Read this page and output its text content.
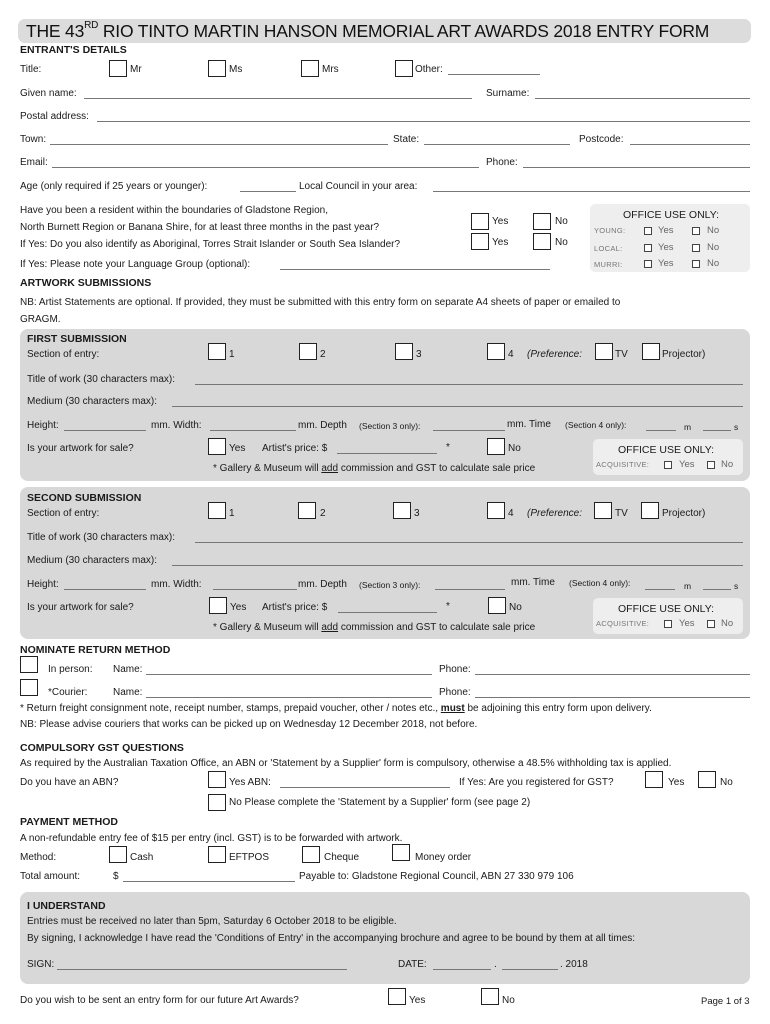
THE 43RD RIO TINTO MARTIN HANSON MEMORIAL ART AWARDS 2018 ENTRY FORM
ENTRANT'S DETAILS
Title:	Mr	Ms	Mrs	Other:
Given name:	Surname:
Postal address:
Town:	State:	Postcode:
Email:	Phone:
Age (only required if 25 years or younger):	Local Council in your area:
Have you been a resident within the boundaries of Gladstone Region,
North Burnett Region or Banana Shire, for at least three months in the past year?
Yes	No
If Yes: Do you also identify as Aboriginal, Torres Strait Islander or South Sea Islander?	Yes	No
If Yes: Please note your Language Group (optional):
OFFICE USE ONLY:
YOUNG:	Yes	No
LOCAL:	Yes	No
MURRI:	Yes	No
ARTWORK SUBMISSIONS
NB: Artist Statements are optional. If provided, they must be submitted with this entry form on separate A4 sheets of paper or emailed to
GRAGM.
FIRST SUBMISSION
Section of entry:	1	2	3	4 (Preference:	TV	Projector)
Title of work (30 characters max):
Medium (30 characters max):
Height:	mm. Width:	mm. Depth (Section 3 only):	mm. Time (Section 4 only):	m	s
Is your artwork for sale?	Yes Artist's price: $	*	No
* Gallery & Museum will add commission and GST to calculate sale price
OFFICE USE ONLY:
ACQUISITIVE:	Yes	No
SECOND SUBMISSION
Section of entry:	1	2	3	4 (Preference:	TV	Projector)
Title of work (30 characters max):
Medium (30 characters max):
Height:	mm. Width:	mm. Depth (Section 3 only):	mm. Time (Section 4 only):	m	s
Is your artwork for sale?	Yes Artist's price: $	*	No
* Gallery & Museum will add commission and GST to calculate sale price
OFFICE USE ONLY:
ACQUISITIVE:	Yes	No
NOMINATE RETURN METHOD
In person: Name:	Phone:
*Courier:	Name:	Phone:
* Return freight consignment note, receipt number, stamps, prepaid voucher, other / notes etc., must be adjoining this entry form upon delivery.
NB: Please advise couriers that works can be picked up on Wednesday 12 December 2018, not before.
COMPULSORY GST QUESTIONS
As required by the Australian Taxation Office, an ABN or 'Statement by a Supplier' form is compulsory, otherwise a 48.5% withholding tax is applied.
Do you have an ABN?	Yes ABN:	If Yes: Are you registered for GST?	Yes	No
No Please complete the 'Statement by a Supplier' form (see page 2)
PAYMENT METHOD
A non-refundable entry fee of $15 per entry (incl. GST) is to be forwarded with artwork.
Method:	Cash	EFTPOS	Cheque	Money order
Total amount:	$	Payable to: Gladstone Regional Council, ABN 27 330 979 106
I UNDERSTAND
Entries must be received no later than 5pm, Saturday 6 October 2018 to be eligible.
By signing, I acknowledge I have read the 'Conditions of Entry' in the accompanying brochure and agree to be bound by them at all times:
SIGN:	DATE:	.	. 2018
Do you wish to be sent an entry form for our future Art Awards?	Yes	No	Page 1 of 3
